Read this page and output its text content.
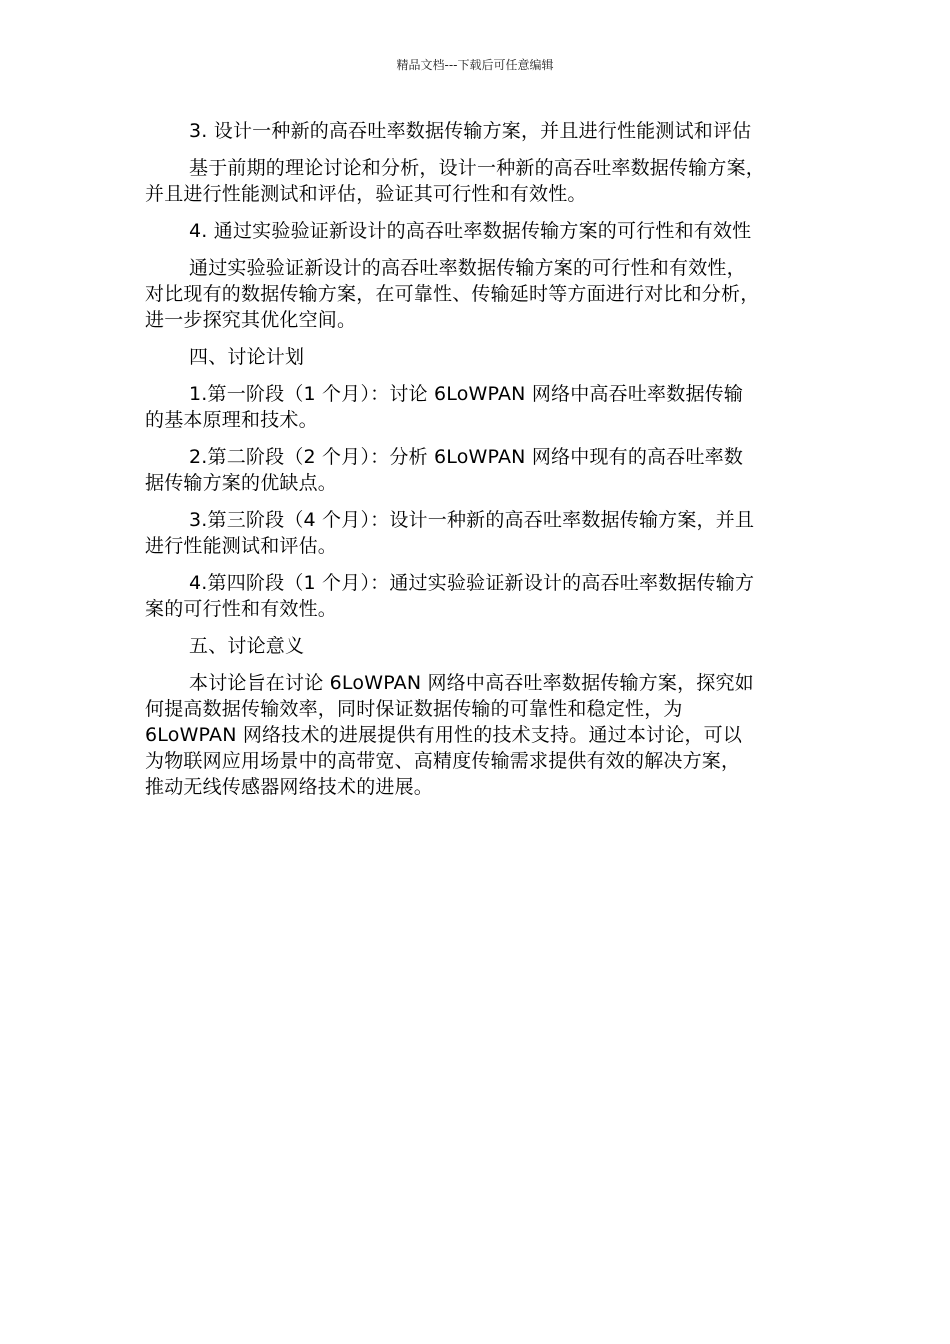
精品文档---下载后可任意编辑

3. 设计一种新的高吞吐率数据传输方案，并且进行性能测试和评估

基于前期的理论讨论和分析，设计一种新的高吞吐率数据传输方案，
并且进行性能测试和评估，验证其可行性和有效性。

4. 通过实验验证新设计的高吞吐率数据传输方案的可行性和有效性

通过实验验证新设计的高吞吐率数据传输方案的可行性和有效性，
对比现有的数据传输方案，在可靠性、传输延时等方面进行对比和分析，
进一步探究其优化空间。

四、讨论计划

1.第一阶段（1 个月）：讨论 6LoWPAN 网络中高吞吐率数据传输
的基本原理和技术。

2.第二阶段（2 个月）：分析 6LoWPAN 网络中现有的高吞吐率数
据传输方案的优缺点。

3.第三阶段（4 个月）：设计一种新的高吞吐率数据传输方案，并且
进行性能测试和评估。

4.第四阶段（1 个月）：通过实验验证新设计的高吞吐率数据传输方
案的可行性和有效性。

五、讨论意义

本讨论旨在讨论 6LoWPAN 网络中高吞吐率数据传输方案，探究如
何提高数据传输效率，同时保证数据传输的可靠性和稳定性，为
6LoWPAN 网络技术的进展提供有用性的技术支持。通过本讨论，可以
为物联网应用场景中的高带宽、高精度传输需求提供有效的解决方案，
推动无线传感器网络技术的进展。
